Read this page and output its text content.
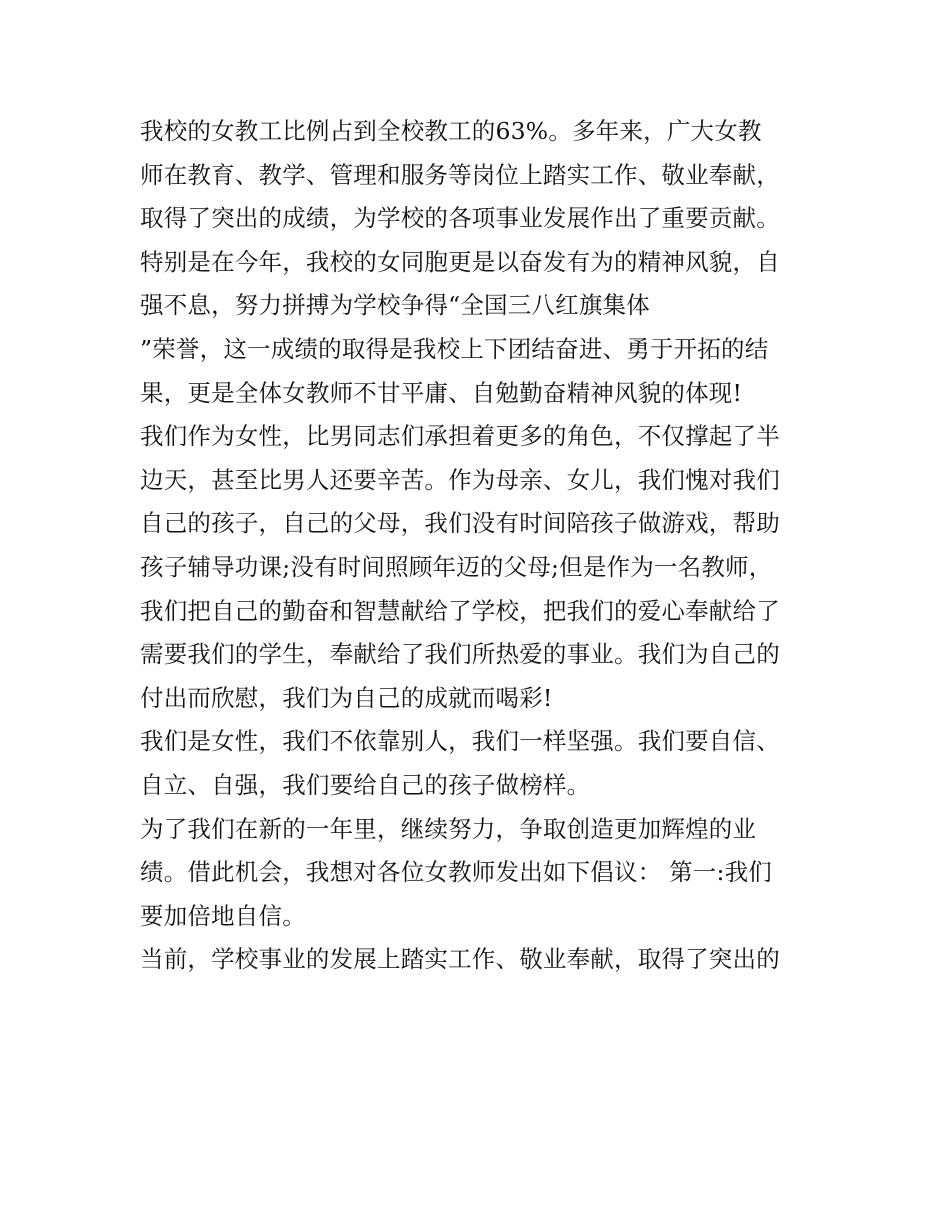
我校的女教工比例占到全校教工的63%。多年来，广大女教
师在教育、教学、管理和服务等岗位上踏实工作、敬业奉献，
取得了突出的成绩，为学校的各项事业发展作出了重要贡献。
特别是在今年，我校的女同胞更是以奋发有为的精神风貌，自
强不息，努力拼搏为学校争得“全国三八红旗集体
”荣誉，这一成绩的取得是我校上下团结奋进、勇于开拓的结
果，更是全体女教师不甘平庸、自勉勤奋精神风貌的体现!
我们作为女性，比男同志们承担着更多的角色，不仅撑起了半
边天，甚至比男人还要辛苦。作为母亲、女儿，我们愧对我们
自己的孩子，自己的父母，我们没有时间陪孩子做游戏，帮助
孩子辅导功课;没有时间照顾年迈的父母;但是作为一名教师，
我们把自己的勤奋和智慧献给了学校，把我们的爱心奉献给了
需要我们的学生，奉献给了我们所热爱的事业。我们为自己的
付出而欣慰，我们为自己的成就而喝彩!
我们是女性，我们不依靠别人，我们一样坚强。我们要自信、
自立、自强，我们要给自己的孩子做榜样。
为了我们在新的一年里，继续努力，争取创造更加辉煌的业
绩。借此机会，我想对各位女教师发出如下倡议： 第一:我们
要加倍地自信。
当前，学校事业的发展上踏实工作、敬业奉献，取得了突出的
